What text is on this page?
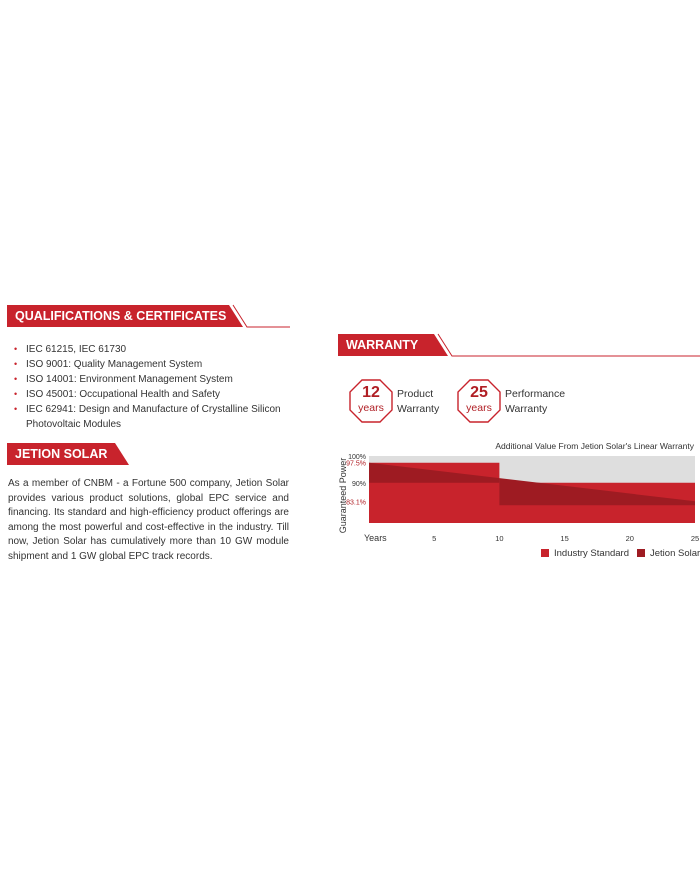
QUALIFICATIONS & CERTIFICATES
• IEC 61215, IEC 61730
• ISO 9001: Quality Management System
• ISO 14001: Environment Management System
• ISO 45001: Occupational Health and Safety
• IEC 62941: Design and Manufacture of Crystalline Silicon
Photovoltaic Modules
JETION SOLAR

As a member of CNBM - a Fortune 500 company, Jetion Solar provides various product solutions, global EPC service and financing. Its standard and high-efficiency product offerings are among the most powerful and cost-effective in the industry. Till now, Jetion Solar has cumulatively more than 10 GW module shipment and 1 GW global EPC track records.

WARRANTY
12
years
Product
Warranty
25
years
Performance
Warranty
100%
97.5%
90%
83.1%
5	10	15	20	25
Years
Additional Value From Jetion Solar's Linear Warranty
Guaranteed Power
Industry Standard	Jetion Solar
